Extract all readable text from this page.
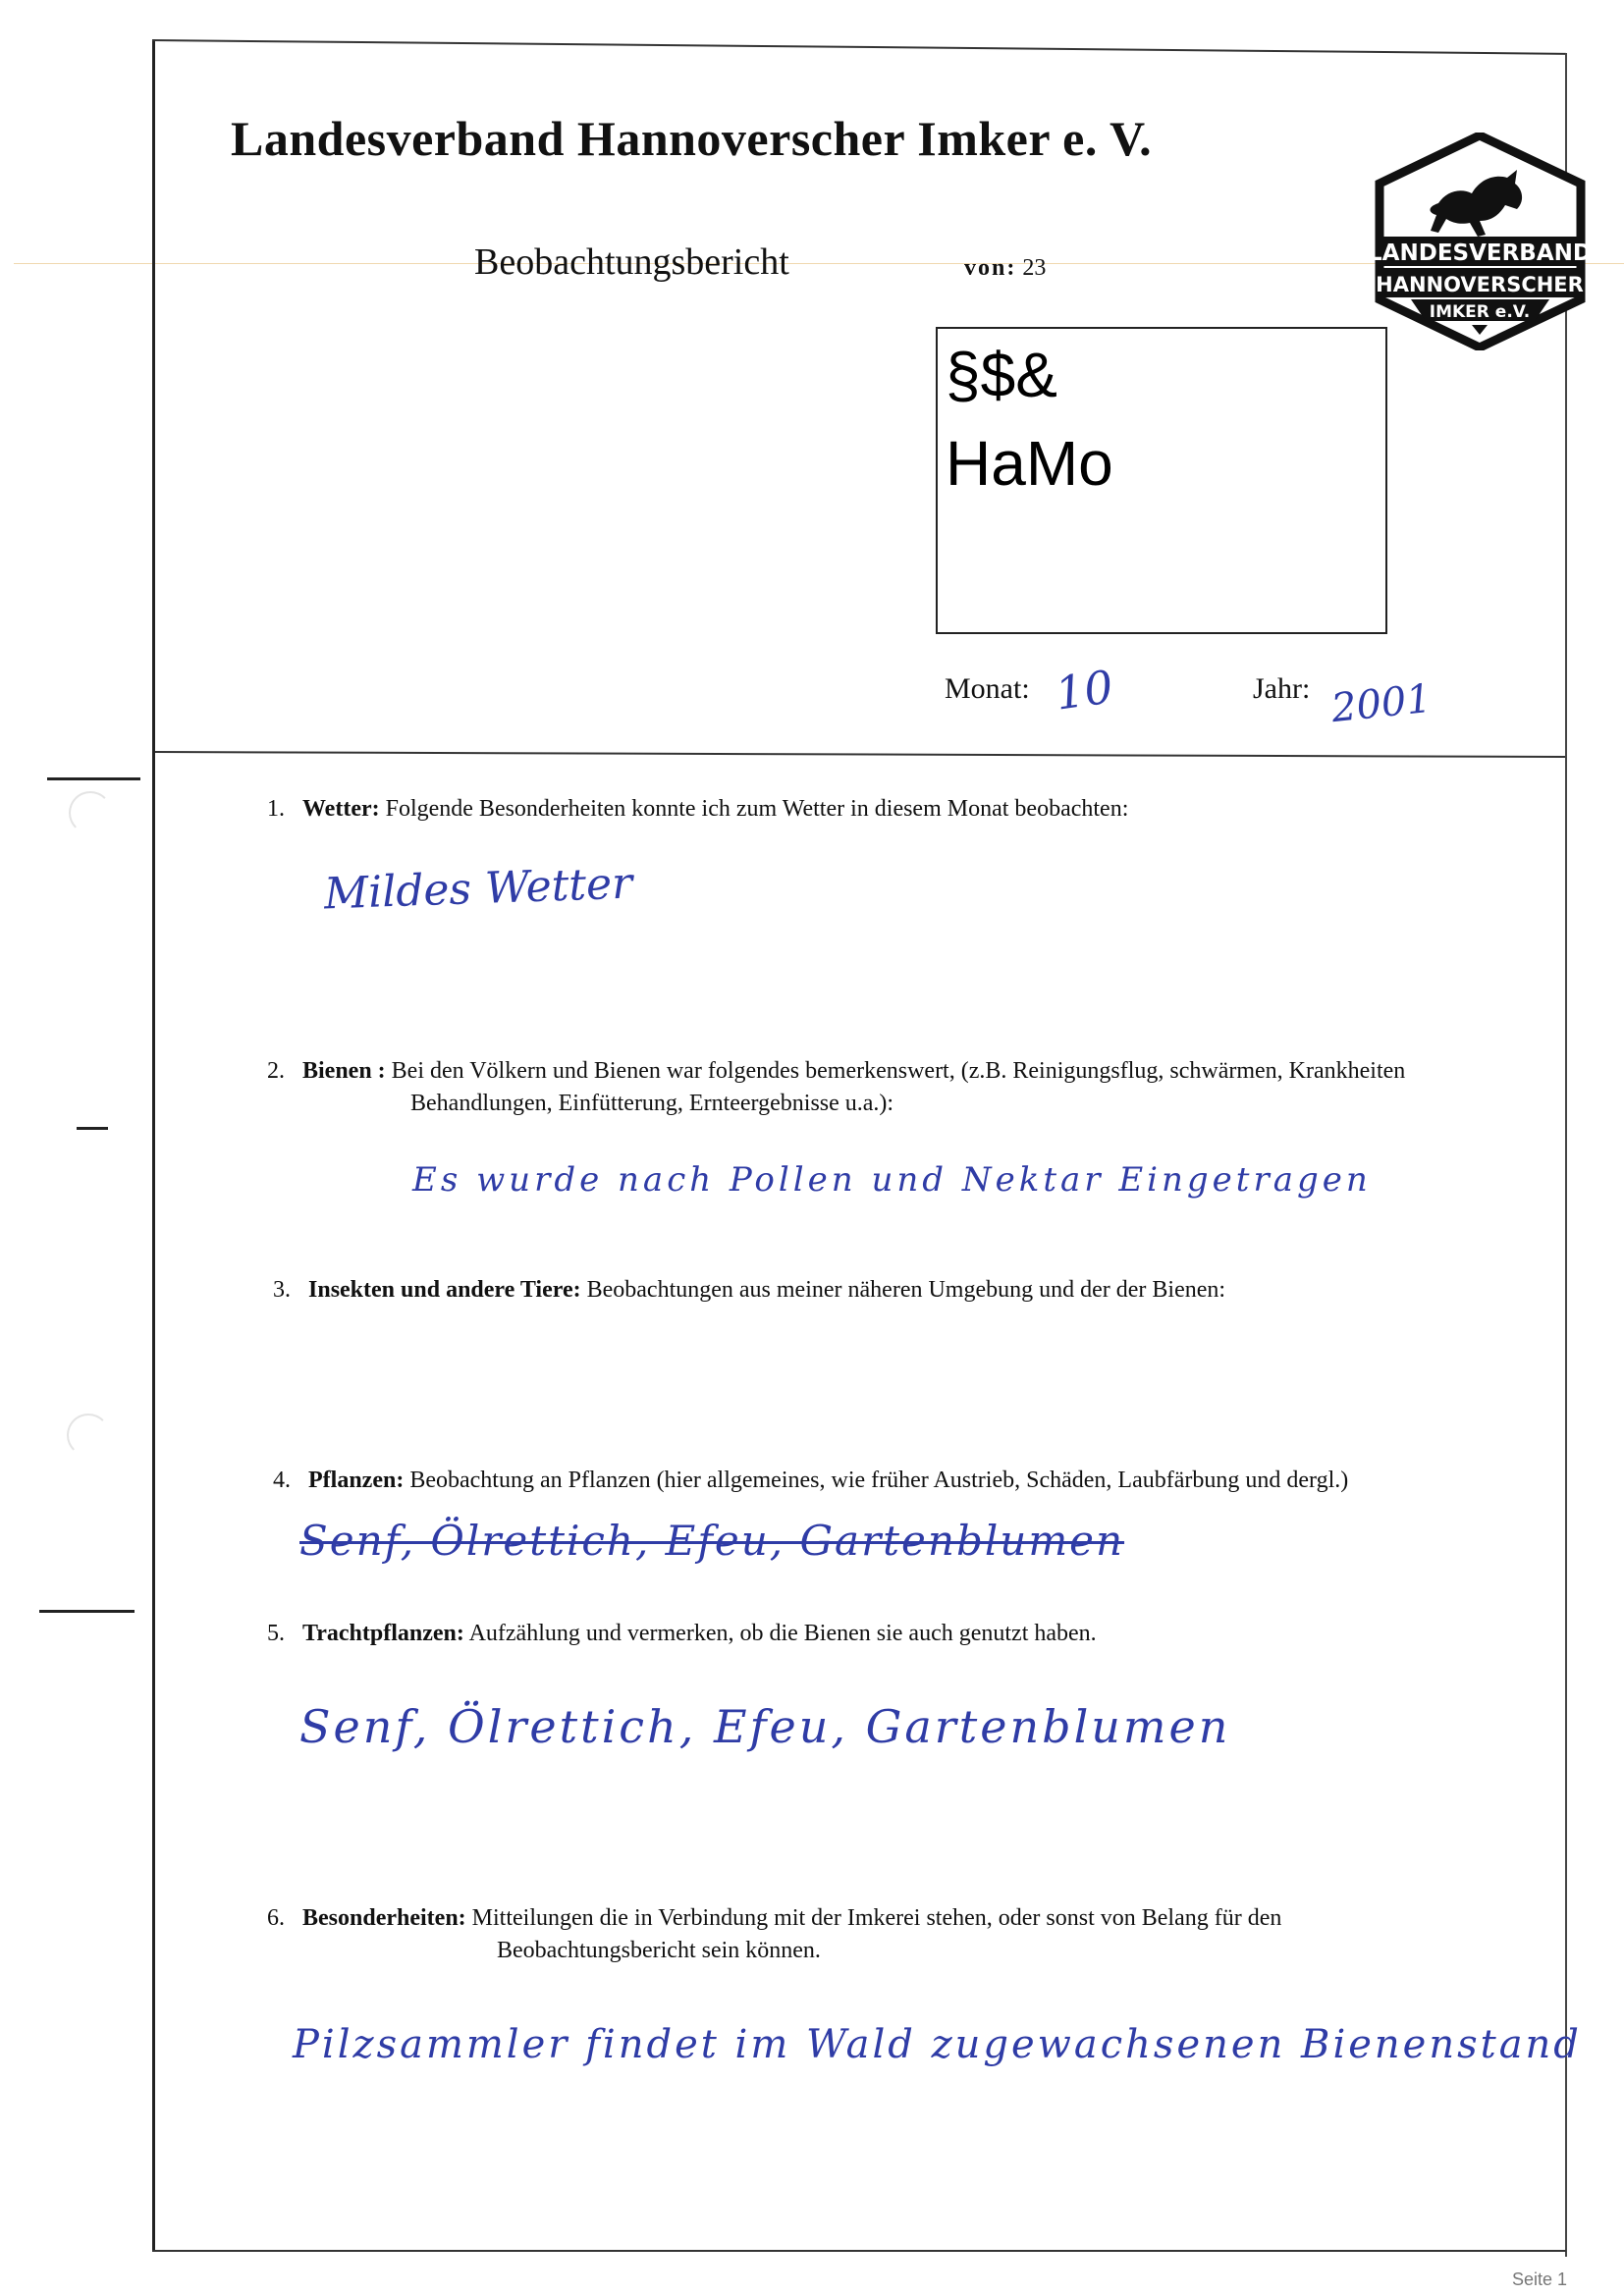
Landesverband Hannoverscher Imker e. V.
Beobachtungsbericht	von: 23
LANDESVERBAND
HANNOVERSCHER
IMKER e.V.
§$&
HaMo
Monat: 10	Jahr: 2001
1. Wetter: Folgende Besonderheiten konnte ich zum Wetter in diesem Monat beobachten:
Mildes Wetter
2. Bienen : Bei den Völkern und Bienen war folgendes bemerkenswert, (z.B. Reinigungsflug, schwärmen, Krankheiten
Behandlungen, Einfütterung, Ernteergebnisse u.a.):
Es wurde nach Pollen und Nektar Eingetragen
3. Insekten und andere Tiere: Beobachtungen aus meiner näheren Umgebung und der der Bienen:
4. Pflanzen: Beobachtung an Pflanzen (hier allgemeines, wie früher Austrieb, Schäden, Laubfärbung und dergl.)
Senf, Ölrettich, Efeu, Gartenblumen
5. Trachtpflanzen: Aufzählung und vermerken, ob die Bienen sie auch genutzt haben.
Senf, Ölrettich, Efeu, Gartenblumen
6. Besonderheiten: Mitteilungen die in Verbindung mit der Imkerei stehen, oder sonst von Belang für den
Beobachtungsbericht sein können.
Pilzsammler findet im Wald zugewachsenen Bienenstand
Seite 1
